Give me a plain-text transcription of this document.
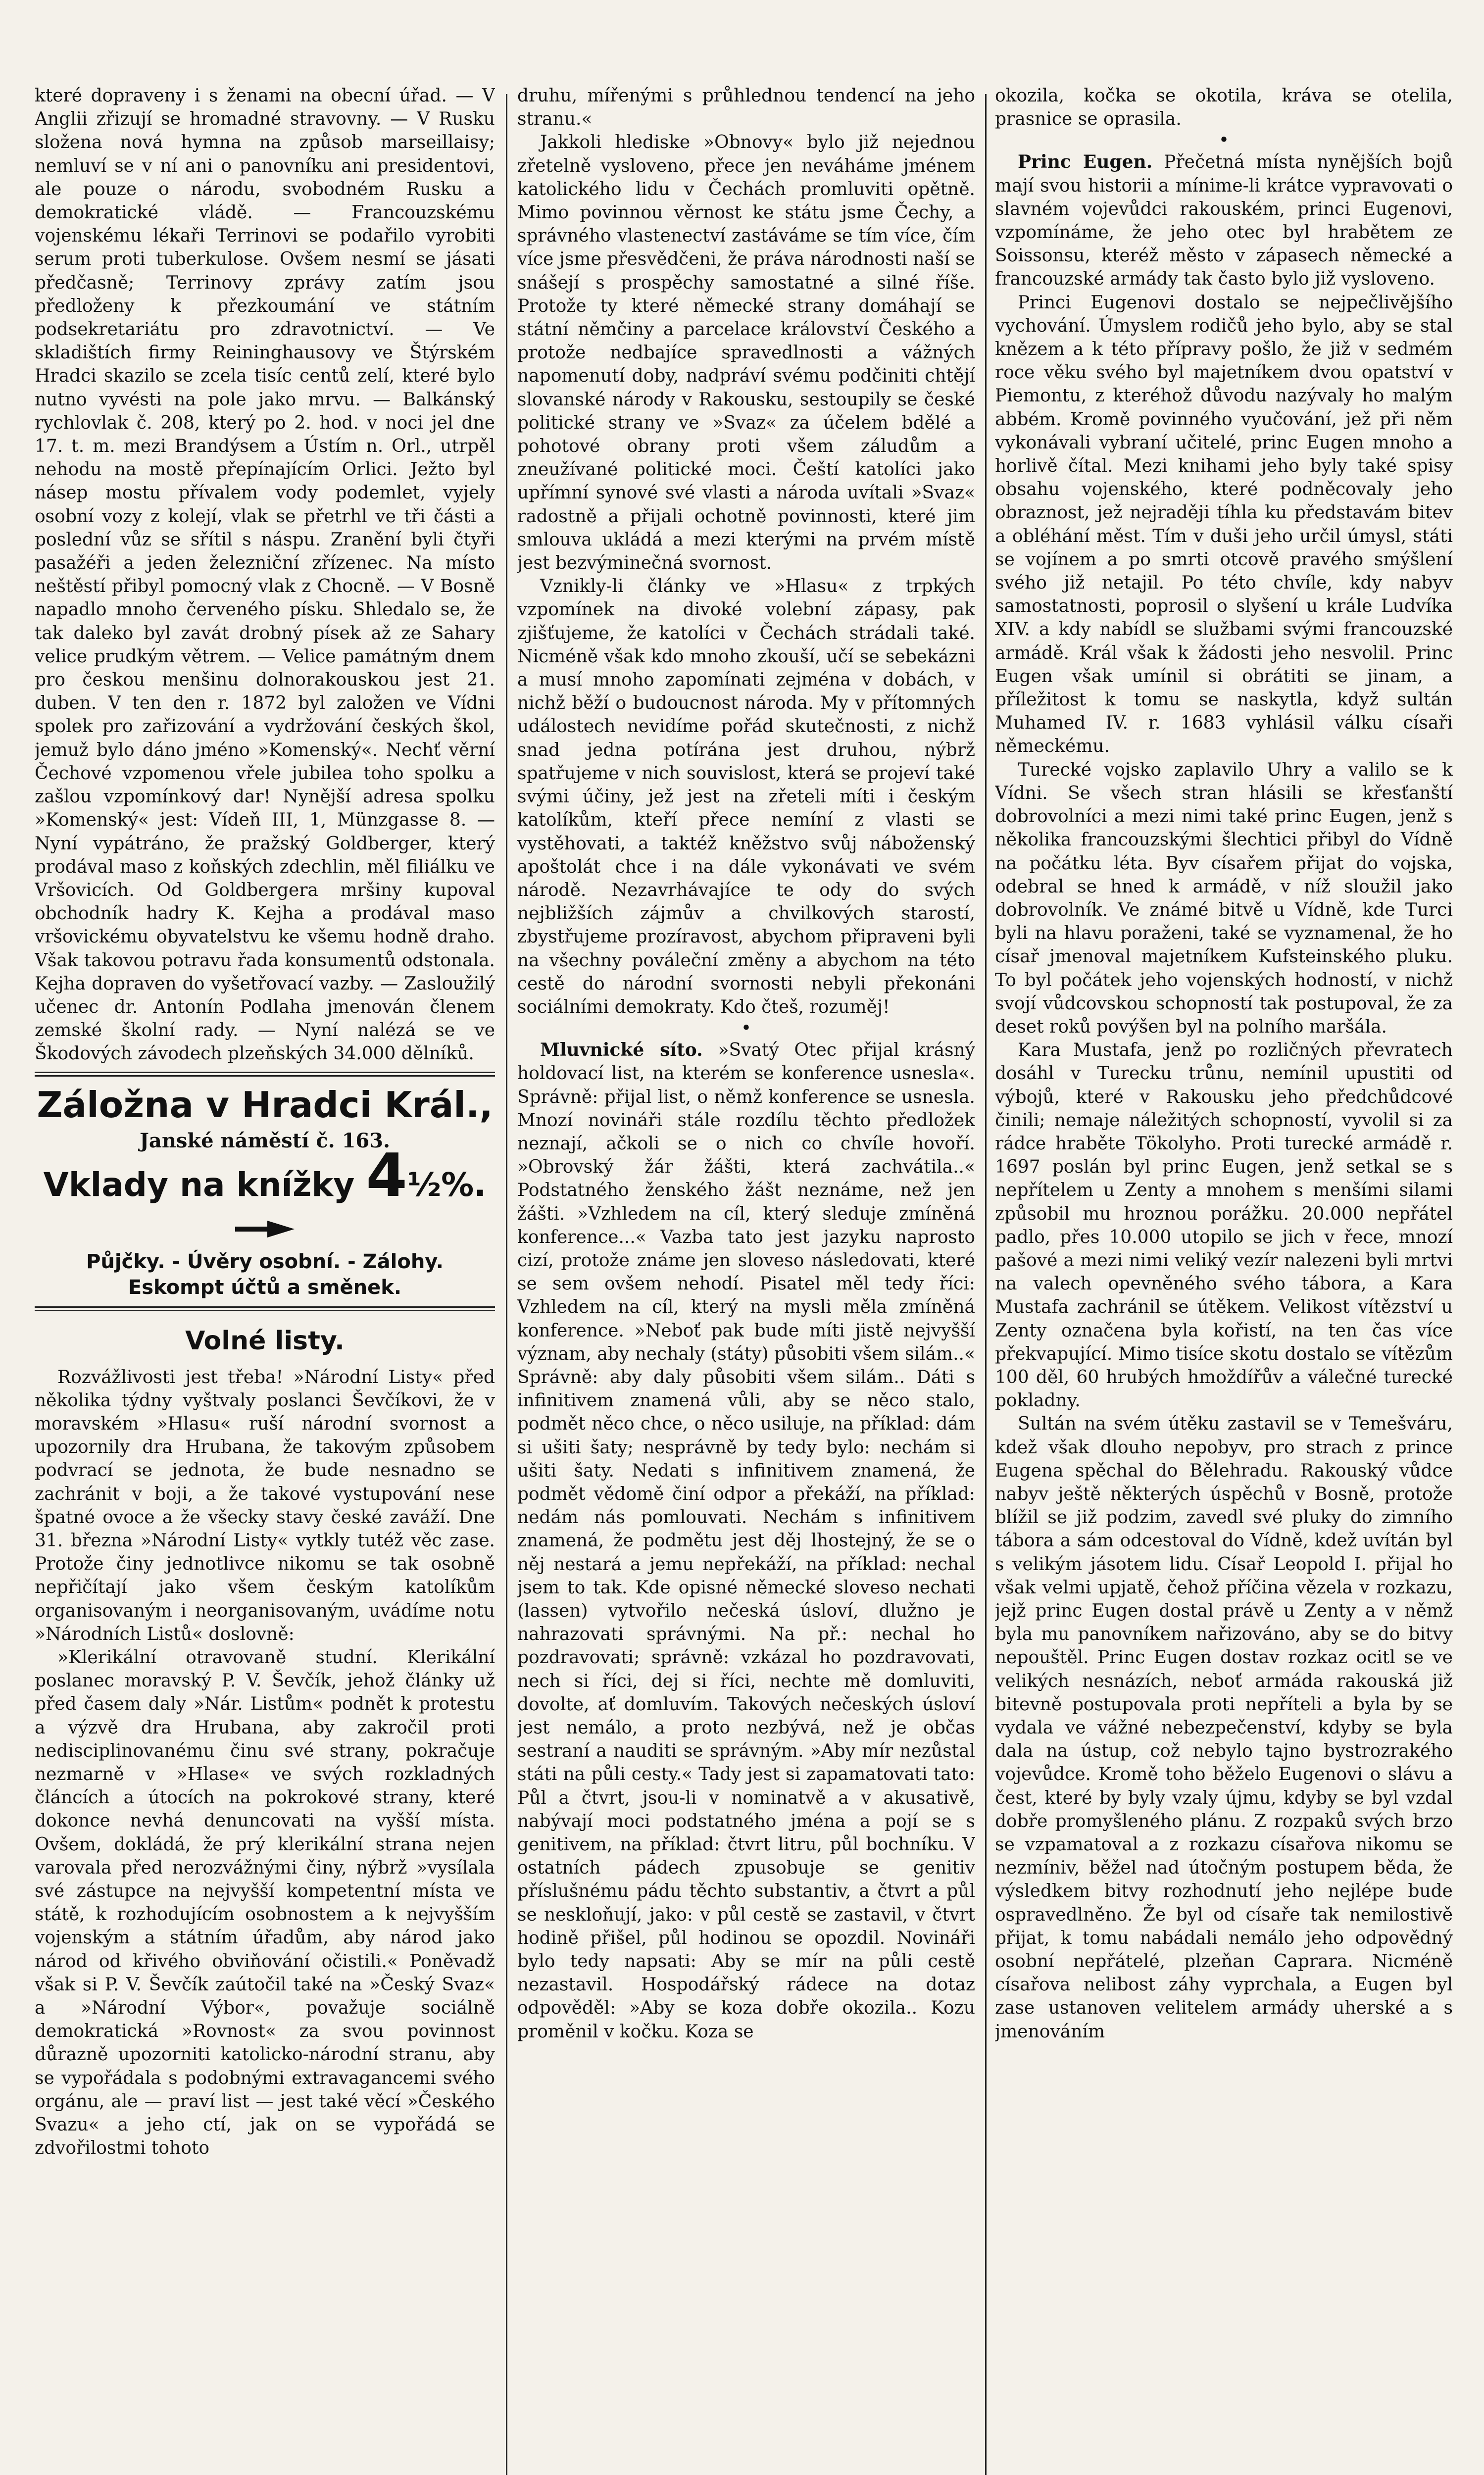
které dopraveny i s ženami na obecní úřad. — V Anglii zřizují se hromadné stravovny. — V Rusku složena nová hymna na způsob marseillaisy; nemluví se v ní ani o panovníku ani presidentovi, ale pouze o národu, svobodném Rusku a demokratické vládě. — Francouzskému vojenskému lékaři Terrinovi se podařilo vyrobiti serum proti tuberkulose. Ovšem nesmí se jásati předčasně; Terrinovy zprávy zatím jsou předloženy k přezkoumání ve státním podsekretariátu pro zdravotnictví. — Ve skladištích firmy Reininghausovy ve Štýrském Hradci skazilo se zcela tisíc centů zelí, které bylo nutno vyvésti na pole jako mrvu. — Balkánský rychlovlak č. 208, který po 2. hod. v noci jel dne 17. t. m. mezi Brandýsem a Ústím n. Orl., utrpěl nehodu na mostě přepínajícím Orlici. Ježto byl násep mostu přívalem vody podemlet, vyjely osobní vozy z kolejí, vlak se přetrhl ve tři části a poslední vůz se sřítil s náspu. Zranění byli čtyři pasažéři a jeden železniční zřízenec. Na místo neštěstí přibyl pomocný vlak z Chocně. — V Bosně napadlo mnoho červeného písku. Shledalo se, že tak daleko byl zavát drobný písek až ze Sahary velice prudkým větrem. — Velice památným dnem pro českou menšinu dolnorakouskou jest 21. duben. V ten den r. 1872 byl založen ve Vídni spolek pro zařizování a vydržování českých škol, jemuž bylo dáno jméno »Komenský«. Nechť věrní Čechové vzpomenou vřele jubilea toho spolku a zašlou vzpomínkový dar! Nynější adresa spolku »Komenský« jest: Vídeň III, 1, Münzgasse 8. — Nyní vypátráno, že pražský Goldberger, který prodával maso z koňských zdechlin, měl filiálku ve Vršovicích. Od Goldbergera mršiny kupoval obchodník hadry K. Kejha a prodával maso vršovickému obyvatelstvu ke všemu hodně draho. Však takovou potravu řada konsumentů odstonala. Kejha dopraven do vyšetřovací vazby. — Zasloužilý učenec dr. Antonín Podlaha jmenován členem zemské školní rady. — Nyní nalézá se ve Škodových závodech plzeňských 34.000 dělníků.

Záložna v Hradci Král.,
Janské náměstí č. 163.
Vklady na knížky 4½%.
Půjčky. - Úvěry osobní. - Zálohy.
Eskompt účtů a směnek.
Volné listy.

Rozvážlivosti jest třeba! »Národní Listy« před několika týdny vyštvaly poslanci Ševčíkovi, že v moravském »Hlasu« ruší národní svornost a upozornily dra Hrubana, že takovým způsobem podvrací se jednota, že bude nesnadno se zachránit v boji, a že takové vystupování nese špatné ovoce a že všecky stavy české zaváží. Dne 31. března »Národní Listy« vytkly tutéž věc zase. Protože činy jednotlivce nikomu se tak osobně nepřičítají jako všem českým katolíkům organisovaným i neorganisovaným, uvádíme notu »Národních Listů« doslovně:

»Klerikální otravovaně studní. Klerikální poslanec moravský P. V. Ševčík, jehož články už před časem daly »Nár. Listům« podnět k protestu a výzvě dra Hrubana, aby zakročil proti nedisciplinovanému činu své strany, pokračuje nezmarně v »Hlase« ve svých rozkladných článcích a útocích na pokrokové strany, které dokonce nevhá denuncovati na vyšší místa. Ovšem, dokládá, že prý klerikální strana nejen varovala před nerozvážnými činy, nýbrž »vysílala své zástupce na nejvyšší kompetentní místa ve státě, k rozhodujícím osobnostem a k nejvyšším vojenským a státním úřadům, aby národ jako národ od křivého obviňování očistili.« Poněvadž však si P. V. Ševčík zaútočil také na »Český Svaz« a »Národní Výbor«, považuje sociálně demokratická »Rovnost« za svou povinnost důrazně upozorniti katolicko-národní stranu, aby se vypořádala s podobnými extravagancemi svého orgánu, ale — praví list — jest také věcí »Českého Svazu« a jeho ctí, jak on se vypořádá se zdvořilostmi tohoto

druhu, mířenými s průhlednou tendencí na jeho stranu.«

Jakkoli hlediske »Obnovy« bylo již nejednou zřetelně vysloveno, přece jen neváháme jménem katolického lidu v Čechách promluviti opětně. Mimo povinnou věrnost ke státu jsme Čechy, a správného vlastenectví zastáváme se tím více, čím více jsme přesvědčeni, že práva národnosti naší se snášejí s prospěchy samostatné a silné říše. Protože ty které německé strany domáhají se státní němčiny a parcelace království Českého a protože nedbajíce spravedlnosti a vážných napomenutí doby, nadpráví svému podčiniti chtějí slovanské národy v Rakousku, sestoupily se české politické strany ve »Svaz« za účelem bdělé a pohotové obrany proti všem záludům a zneužívané politické moci. Čeští katolíci jako upřímní synové své vlasti a národa uvítali »Svaz« radostně a přijali ochotně povinnosti, které jim smlouva ukládá a mezi kterými na prvém místě jest bezvýminečná svornost.

Vznikly-li články ve »Hlasu« z trpkých vzpomínek na divoké volební zápasy, pak zjišťujeme, že katolíci v Čechách strádali také. Nicméně však kdo mnoho zkouší, učí se sebekázni a musí mnoho zapomínati zejména v dobách, v nichž běží o budoucnost národa. My v přítomných událostech nevidíme pořád skutečnosti, z nichž snad jedna potírána jest druhou, nýbrž spatřujeme v nich souvislost, která se projeví také svými účiny, jež jest na zřeteli míti i českým katolíkům, kteří přece nemíní z vlasti se vystěhovati, a taktéž kněžstvo svůj náboženský apoštolát chce i na dále vykonávati ve svém národě. Nezavrhávajíce te ody do svých nejbližších zájmův a chvilkových starostí, zbystřujeme prozíravost, abychom připraveni byli na všechny pováleční změny a abychom na této cestě do národní svornosti nebyli překonáni sociálními demokraty. Kdo čteš, rozuměj!

•

Mluvnické síto. »Svatý Otec přijal krásný holdovací list, na kterém se konference usnesla«. Správně: přijal list, o němž konference se usnesla. Mnozí novináři stále rozdílu těchto předložek neznají, ačkoli se o nich co chvíle hovoří. »Obrovský žár žášti, která zachvátila..« Podstatného ženského žášt neznáme, než jen žášti. »Vzhledem na cíl, který sleduje zmíněná konference...« Vazba tato jest jazyku naprosto cizí, protože známe jen sloveso následovati, které se sem ovšem nehodí. Pisatel měl tedy říci: Vzhledem na cíl, který na mysli měla zmíněná konference. »Neboť pak bude míti jistě nejvyšší význam, aby nechaly (státy) působiti všem silám..« Správně: aby daly působiti všem silám.. Dáti s infinitivem znamená vůli, aby se něco stalo, podmět něco chce, o něco usiluje, na příklad: dám si ušiti šaty; nesprávně by tedy bylo: nechám si ušiti šaty. Nedati s infinitivem znamená, že podmět vědomě činí odpor a překáží, na příklad: nedám nás pomlouvati. Nechám s infinitivem znamená, že podmětu jest děj lhostejný, že se o něj nestará a jemu nepřekáží, na příklad: nechal jsem to tak. Kde opisné německé sloveso nechati (lassen) vytvořilo nečeská úsloví, dlužno je nahrazovati správnými. Na př.: nechal ho pozdravovati; správně: vzkázal ho pozdravovati, nech si říci, dej si říci, nechte mě domluviti, dovolte, ať domluvím. Takových nečeských úsloví jest nemálo, a proto nezbývá, než je občas sestraní a nauditi se správným. »Aby mír nezůstal státi na půli cesty.« Tady jest si zapamatovati tato: Půl a čtvrt, jsou-li v nominatvě a v akusativě, nabývají moci podstatného jména a pojí se s genitivem, na příklad: čtvrt litru, půl bochníku. V ostatních pádech zpusobuje se genitiv příslušnému pádu těchto substantiv, a čtvrt a půl se neskloňují, jako: v půl cestě se zastavil, v čtvrt hodině přišel, půl hodinou se opozdil. Novináři bylo tedy napsati: Aby se mír na půli cestě nezastavil. Hospodářský rádece na dotaz odpověděl: »Aby se koza dobře okozila.. Kozu proměnil v kočku. Koza se

okozila, kočka se okotila, kráva se otelila, prasnice se oprasila.

•

Princ Eugen. Přečetná místa nynějších bojů mají svou historii a mínime-li krátce vypravovati o slavném vojevůdci rakouském, princi Eugenovi, vzpomínáme, že jeho otec byl hrabětem ze Soissonsu, kteréž město v zápasech německé a francouzské armády tak často bylo již vysloveno.

Princi Eugenovi dostalo se nejpečlivějšího vychování. Úmyslem rodičů jeho bylo, aby se stal knězem a k této přípravy pošlo, že již v sedmém roce věku svého byl majetníkem dvou opatství v Piemontu, z kteréhož důvodu nazývaly ho malým abbém. Kromě povinného vyučování, jež při něm vykonávali vybraní učitelé, princ Eugen mnoho a horlivě čítal. Mezi knihami jeho byly také spisy obsahu vojenského, které podněcovaly jeho obraznost, jež nejraději tíhla ku představám bitev a obléhání měst. Tím v duši jeho určil úmysl, státi se vojínem a po smrti otcově pravého smýšlení svého již netajil. Po této chvíle, kdy nabyv samostatnosti, poprosil o slyšení u krále Ludvíka XIV. a kdy nabídl se službami svými francouzské armádě. Král však k žádosti jeho nesvolil. Princ Eugen však umínil si obrátiti se jinam, a příležitost k tomu se naskytla, když sultán Muhamed IV. r. 1683 vyhlásil válku císaři německému.

Turecké vojsko zaplavilo Uhry a valilo se k Vídni. Se všech stran hlásili se křesťanští dobrovolníci a mezi nimi také princ Eugen, jenž s několika francouzskými šlechtici přibyl do Vídně na počátku léta. Byv císařem přijat do vojska, odebral se hned k armádě, v níž sloužil jako dobrovolník. Ve známé bitvě u Vídně, kde Turci byli na hlavu poraženi, také se vyznamenal, že ho císař jmenoval majetníkem Kufsteinského pluku. To byl počátek jeho vojenských hodností, v nichž svojí vůdcovskou schopností tak postupoval, že za deset roků povýšen byl na polního maršála.

Kara Mustafa, jenž po rozličných převratech dosáhl v Turecku trůnu, nemínil upustiti od výbojů, které v Rakousku jeho předchůdcové činili; nemaje náležitých schopností, vyvolil si za rádce hraběte Tökolyho. Proti turecké armádě r. 1697 poslán byl princ Eugen, jenž setkal se s nepřítelem u Zenty a mnohem s menšími silami způsobil mu hroznou porážku. 20.000 nepřátel padlo, přes 10.000 utopilo se jich v řece, mnozí pašové a mezi nimi veliký vezír nalezeni byli mrtvi na valech opevněného svého tábora, a Kara Mustafa zachránil se útěkem. Velikost vítězství u Zenty označena byla kořistí, na ten čas více překvapující. Mimo tisíce skotu dostalo se vítězům 100 děl, 60 hrubých hmoždířův a válečné turecké pokladny.

Sultán na svém útěku zastavil se v Temešváru, kdež však dlouho nepobyv, pro strach z prince Eugena spěchal do Bělehradu. Rakouský vůdce nabyv ještě některých úspěchů v Bosně, protože blížil se již podzim, zavedl své pluky do zimního tábora a sám odcestoval do Vídně, kdež uvítán byl s velikým jásotem lidu. Císař Leopold I. přijal ho však velmi upjatě, čehož příčina vězela v rozkazu, jejž princ Eugen dostal právě u Zenty a v němž byla mu panovníkem nařizováno, aby se do bitvy nepouštěl. Princ Eugen dostav rozkaz ocitl se ve velikých nesnázích, neboť armáda rakouská již bitevně postupovala proti nepříteli a byla by se vydala ve vážné nebezpečenství, kdyby se byla dala na ústup, což nebylo tajno bystrozrakého vojevůdce. Kromě toho běželo Eugenovi o slávu a čest, které by byly vzaly újmu, kdyby se byl vzdal dobře promyšleného plánu. Z rozpaků svých brzo se vzpamatoval a z rozkazu císařova nikomu se nezmíniv, běžel nad útočným postupem běda, že výsledkem bitvy rozhodnutí jeho nejlépe bude ospravedlněno. Že byl od císaře tak nemilostivě přijat, k tomu nabádali nemálo jeho odpovědný osobní nepřátelé, plzeňan Caprara. Nicméně císařova nelibost záhy vyprchala, a Eugen byl zase ustanoven velitelem armády uherské a s jmenováním
